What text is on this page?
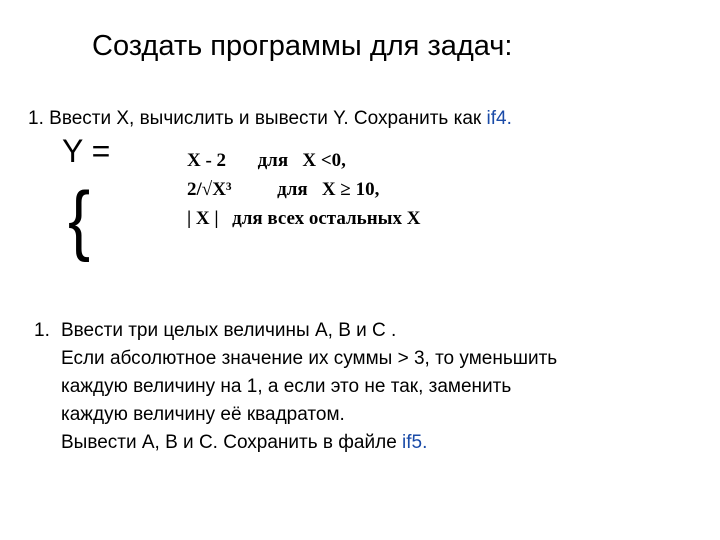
Создать программы для задач:
1. Ввести X, вычислить и вывести Y. Сохранить как if4.
Y =
{
X - 2 для   X <0,
2/√X³ для   X ≥ 10,
| X | для всех остальных X
1. Ввести три целых величины A, B и C .
Если абсолютное значение их суммы > 3, то уменьшить
каждую величину на 1, а если это не так, заменить
каждую величину её квадратом.
Вывести A, B и C. Сохранить в файле if5.
